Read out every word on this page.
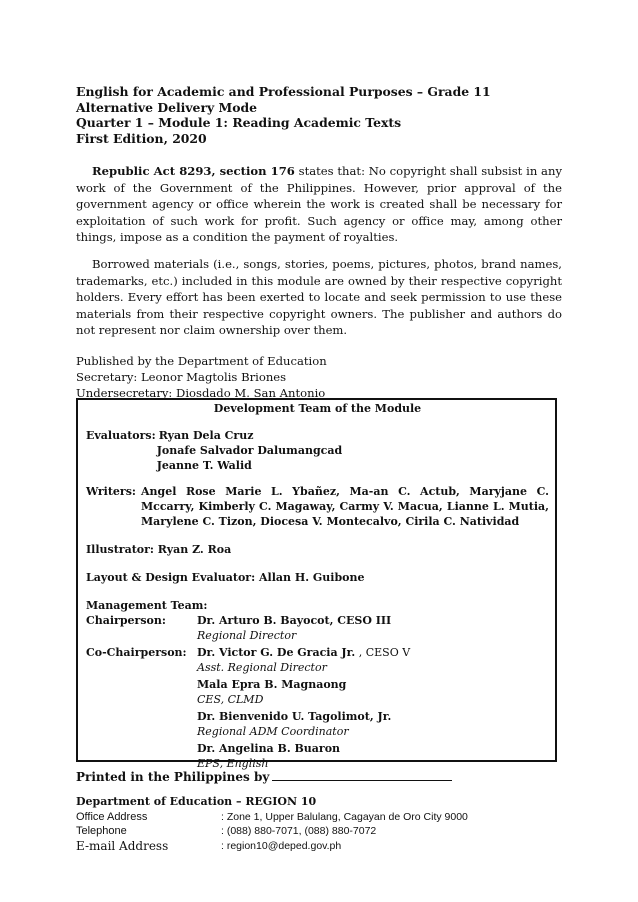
English for Academic and Professional Purposes – Grade 11
Alternative Delivery Mode
Quarter 1 – Module 1: Reading Academic Texts
First Edition, 2020

Republic Act 8293, section 176 states that: No copyright shall subsist in any work of the Government of the Philippines. However, prior approval of the government agency or office wherein the work is created shall be necessary for exploitation of such work for profit. Such agency or office may, among other things, impose as a condition the payment of royalties.

Borrowed materials (i.e., songs, stories, poems, pictures, photos, brand names, trademarks, etc.) included in this module are owned by their respective copyright holders. Every effort has been exerted to locate and seek permission to use these materials from their respective copyright owners. The publisher and authors do not represent nor claim ownership over them.

Published by the Department of Education
Secretary: Leonor Magtolis Briones
Undersecretary: Diosdado M. San Antonio
Development Team of the Module
Evaluators: Ryan Dela Cruz
Jonafe Salvador Dalumangcad
Jeanne T. Walid
Writers: Angel Rose Marie L. Ybañez, Ma-an C. Actub, Maryjane C. Mccarry, Kimberly C. Magaway, Carmy V. Macua, Lianne L. Mutia, Marylene C. Tizon, Diocesa V. Montecalvo, Cirila C. Natividad
Illustrator: Ryan Z. Roa
Layout & Design Evaluator: Allan H. Guibone
Management Team:
Chairperson:	Dr. Arturo B. Bayocot, CESO III
Regional Director
Co-Chairperson: Dr. Victor G. De Gracia Jr. , CESO V
Asst. Regional Director
Mala Epra B. Magnaong
CES, CLMD
Dr. Bienvenido U. Tagolimot, Jr.
Regional ADM Coordinator
Dr. Angelina B. Buaron
EPS, English
Printed in the Philippines by
Department of Education – REGION 10
Office Address	: Zone 1, Upper Balulang, Cagayan de Oro City 9000
Telephone	: (088) 880-7071, (088) 880-7072
E-mail Address	: region10@deped.gov.ph
